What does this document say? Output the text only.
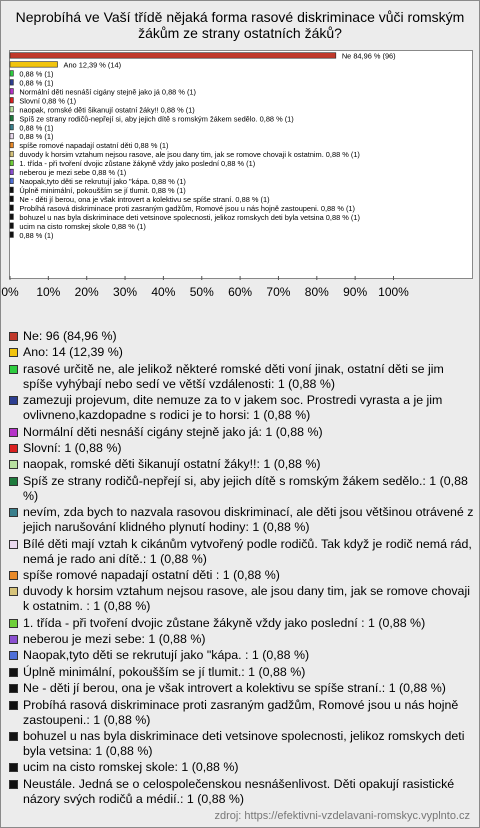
Neprobíhá ve Vaší třídě nějaká forma rasové diskriminace vůči romským žákům ze strany ostatních žáků?
Ne 84,96 % (96)
Ano 12,39 % (14)
0,88 % (1)
0,88 % (1)
Normální děti nesnáší cigány stejně jako já 0,88 % (1)
Slovní 0,88 % (1)
naopak, romské děti šikanují ostatní žáky!! 0,88 % (1)
Spíš ze strany rodičů-nepřejí si, aby jejich dítě s romským žákem sedělo. 0,88 % (1)
0,88 % (1)
0,88 % (1)
spíše romové napadají ostatní děti 0,88 % (1)
duvody k horsim vztahum nejsou rasove, ale jsou dany tim, jak se romove chovaji k ostatnim. 0,88 % (1)
1. třída - při tvoření dvojic zůstane žákyně vždy jako poslední 0,88 % (1)
neberou je mezi sebe 0,88 % (1)
Naopak,tyto děti se rekrutují jako "kápa. 0,88 % (1)
Úplně minimální, pokoušším se jí tlumit. 0,88 % (1)
Ne - děti jí berou, ona je však introvert a kolektivu se spíše straní. 0,88 % (1)
Probíhá rasová diskriminace proti zasraným gadžům, Romové jsou u nás hojně zastoupeni. 0,88 % (1)
bohuzel u nas byla diskriminace deti vetsinove spolecnosti, jelikoz romskych deti byla vetsina 0,88 % (1)
ucim na cisto romskej skole 0,88 % (1)
0,88 % (1)
0% 10% 20% 30% 40% 50% 60% 70% 80% 90% 100%
Ne: 96 (84,96 %)
Ano: 14 (12,39 %)
rasové určitě ne, ale jelikož některé romské děti voní jinak, ostatní děti se jim spíše vyhýbají nebo sedí ve větší vzdálenosti: 1 (0,88 %)
zamezuji projevum, dite nemuze za to v jakem soc. Prostredi vyrasta a je jim ovlivneno,kazdopadne s rodici je to horsi: 1 (0,88 %)
Normální děti nesnáší cigány stejně jako já: 1 (0,88 %)
Slovní: 1 (0,88 %)
naopak, romské děti šikanují ostatní žáky!!: 1 (0,88 %)
Spíš ze strany rodičů-nepřejí si, aby jejich dítě s romským žákem sedělo.: 1 (0,88 %)
nevím, zda bych to nazvala rasovou diskriminací, ale děti jsou většinou otrávené z jejich narušování klidného plynutí hodiny: 1 (0,88 %)
Bílé děti mají vztah k cikánům vytvořený podle rodičů. Tak když je rodič nemá rád, nemá je rado ani dítě.: 1 (0,88 %)
spíše romové napadají ostatní děti : 1 (0,88 %)
duvody k horsim vztahum nejsou rasove, ale jsou dany tim, jak se romove chovaji k ostatnim. : 1 (0,88 %)
1. třída - při tvoření dvojic zůstane žákyně vždy jako poslední : 1 (0,88 %)
neberou je mezi sebe: 1 (0,88 %)
Naopak,tyto děti se rekrutují jako "kápa. : 1 (0,88 %)
Úplně minimální, pokoušším se jí tlumit.: 1 (0,88 %)
Ne - děti jí berou, ona je však introvert a kolektivu se spíše straní.: 1 (0,88 %)
Probíhá rasová diskriminace proti zasraným gadžům, Romové jsou u nás hojně zastoupeni.: 1 (0,88 %)
bohuzel u nas byla diskriminace deti vetsinove spolecnosti, jelikoz romskych deti byla vetsina: 1 (0,88 %)
ucim na cisto romskej skole: 1 (0,88 %)
Neustále. Jedná se o celospolečenskou nesnášenlivost. Děti opakují rasistické názory svých rodičů a médií.: 1 (0,88 %)
zdroj: https://efektivni-vzdelavani-romskyc.vyplnto.cz
